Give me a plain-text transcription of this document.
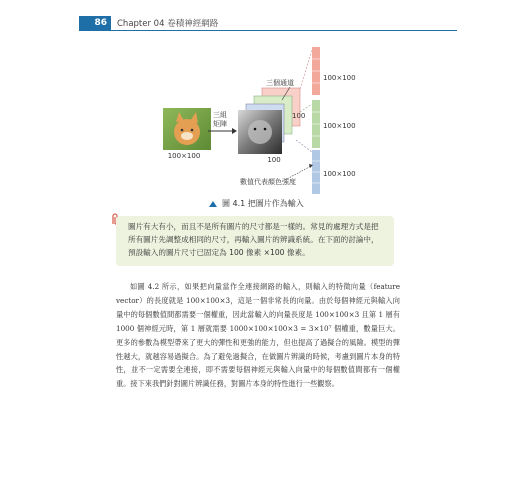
86	Chapter 04 卷積神經網路
100×100
三組
矩陣
三個通道
100
100
100×100
100×100
100×100
數值代表顏色強度
圖 4.1 把圖片作為輸入
圖片有大有小，而且不是所有圖片的尺寸都是一樣的。常見的處理方式是把所有圖片先調整成相同的尺寸，再輸入圖片的辨識系統。在下面的討論中，預設輸入的圖片尺寸已固定為 100 像素 ×100 像素。

如圖 4.2 所示，如果把向量當作全連接網路的輸入，則輸入的特徵向量（feature vector）的長度就是 100×100×3，這是一個非常長的向量。由於每個神經元與輸入向量中的每個數值間都需要一個權重，因此當輸入的向量長度是 100×100×3 且第 1 層有 1000 個神經元時，第 1 層就需要 1000×100×100×3 = 3×10⁷ 個權重，數量巨大。更多的參數為模型帶來了更大的彈性和更強的能力，但也提高了過擬合的風險。模型的彈性越大，就越容易過擬合。為了避免過擬合，在做圖片辨識的時候，考慮到圖片本身的特性，並不一定需要全連接，即不需要每個神經元與輸入向量中的每個數值間都有一個權重。接下來我們針對圖片辨識任務，對圖片本身的特性進行一些觀察。
